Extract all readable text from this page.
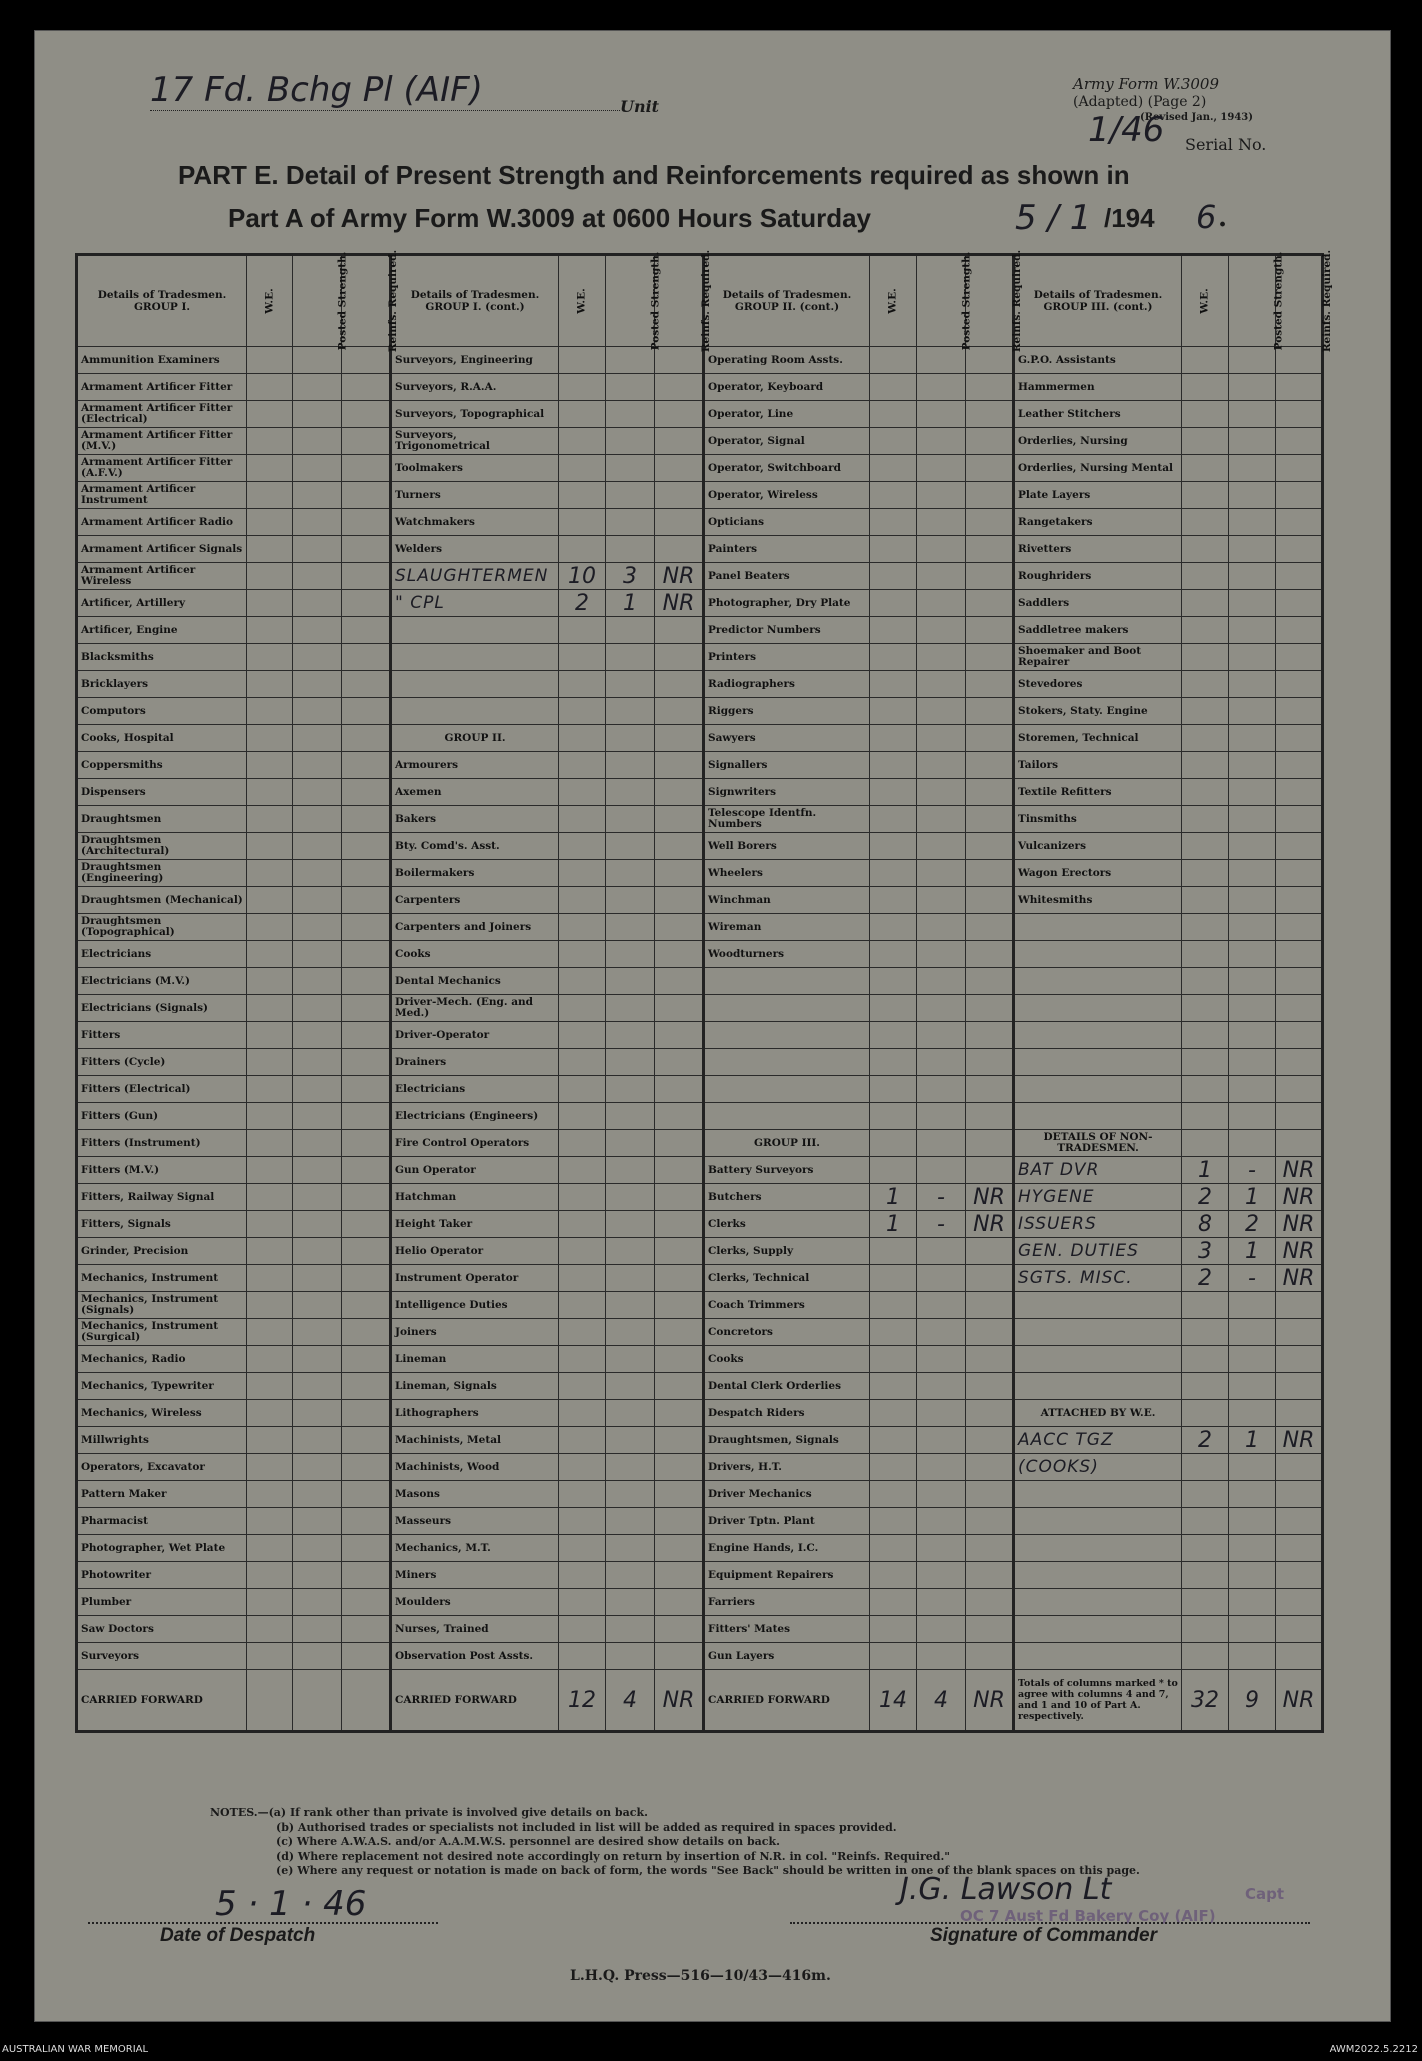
17 Fd. Bchg Pl (AIF)	Unit
Army Form W.3009
(Adapted) (Page 2)
(Revised Jan., 1943)
1/46 Serial No.
PART E. Detail of Present Strength and Reinforcements required as shown in
Part A of Army Form W.3009 at 0600 Hours Saturday	5 / 1 /194 6 .
Details of Tradesmen. GROUP I.	W.E.	Posted Strength.	Reinfs. Required.	Details of Tradesmen. GROUP I. (cont.)	W.E.	Posted Strength.	Reinfs. Required.	Details of Tradesmen. GROUP II. (cont.)	W.E.	Posted Strength.	Reinfs. Required.	Details of Tradesmen. GROUP III. (cont.)	W.E.	Posted Strength.	Reinfs. Required.
Ammunition Examiners				Surveyors, Engineering				Operating Room Assts.				G.P.O. Assistants			
Armament Artificer Fitter				Surveyors, R.A.A.				Operator, Keyboard				Hammermen			
Armament Artificer Fitter (Electrical)				Surveyors, Topographical				Operator, Line				Leather Stitchers			
Armament Artificer Fitter (M.V.)				Surveyors, Trigonometrical				Operator, Signal				Orderlies, Nursing			
Armament Artificer Fitter (A.F.V.)				Toolmakers				Operator, Switchboard				Orderlies, Nursing Mental			
Armament Artificer Instrument				Turners				Operator, Wireless				Plate Layers			
Armament Artificer Radio				Watchmakers				Opticians				Rangetakers			
Armament Artificer Signals				Welders				Painters				Rivetters			
Armament Artificer Wireless				SLAUGHTERMEN	10	3	NR	Panel Beaters				Roughriders			
Artificer, Artillery				" CPL	2	1	NR	Photographer, Dry Plate				Saddlers			
Artificer, Engine								Predictor Numbers				Saddletree makers			
Blacksmiths								Printers				Shoemaker and Boot Repairer			
Bricklayers								Radiographers				Stevedores			
Computors								Riggers				Stokers, Staty. Engine			
Cooks, Hospital				GROUP II.				Sawyers				Storemen, Technical			
Coppersmiths				Armourers				Signallers				Tailors			
Dispensers				Axemen				Signwriters				Textile Refitters			
Draughtsmen				Bakers				Telescope Identfn. Numbers				Tinsmiths			
Draughtsmen (Architectural)				Bty. Comd's. Asst.				Well Borers				Vulcanizers			
Draughtsmen (Engineering)				Boilermakers				Wheelers				Wagon Erectors			
Draughtsmen (Mechanical)				Carpenters				Winchman				Whitesmiths			
Draughtsmen (Topographical)				Carpenters and Joiners				Wireman							
Electricians				Cooks				Woodturners							
Electricians (M.V.)				Dental Mechanics											
Electricians (Signals)				Driver-Mech. (Eng. and Med.)											
Fitters				Driver-Operator											
Fitters (Cycle)				Drainers											
Fitters (Electrical)				Electricians											
Fitters (Gun)				Electricians (Engineers)											
Fitters (Instrument)				Fire Control Operators				GROUP III.				DETAILS OF NON-TRADESMEN.			
Fitters (M.V.)				Gun Operator				Battery Surveyors				BAT DVR	1	-	NR
Fitters, Railway Signal				Hatchman				Butchers	1	-	NR	HYGENE	2	1	NR
Fitters, Signals				Height Taker				Clerks	1	-	NR	ISSUERS	8	2	NR
Grinder, Precision				Helio Operator				Clerks, Supply				GEN. DUTIES	3	1	NR
Mechanics, Instrument				Instrument Operator				Clerks, Technical				SGTS. MISC.	2	-	NR
Mechanics, Instrument (Signals)				Intelligence Duties				Coach Trimmers							
Mechanics, Instrument (Surgical)				Joiners				Concretors							
Mechanics, Radio				Lineman				Cooks							
Mechanics, Typewriter				Lineman, Signals				Dental Clerk Orderlies							
Mechanics, Wireless				Lithographers				Despatch Riders				ATTACHED BY W.E.			
Millwrights				Machinists, Metal				Draughtsmen, Signals				AACC TGZ	2	1	NR
Operators, Excavator				Machinists, Wood				Drivers, H.T.				(COOKS)			
Pattern Maker				Masons				Driver Mechanics							
Pharmacist				Masseurs				Driver Tptn. Plant							
Photographer, Wet Plate				Mechanics, M.T.				Engine Hands, I.C.							
Photowriter				Miners				Equipment Repairers							
Plumber				Moulders				Farriers							
Saw Doctors				Nurses, Trained				Fitters' Mates							
Surveyors				Observation Post Assts.				Gun Layers							
CARRIED FORWARD				CARRIED FORWARD	12	4	NR	CARRIED FORWARD	14	4	NR	Totals of columns marked * to agree with columns 4 and 7, and 1 and 10 of Part A. respectively.	32	9	NR
NOTES.—(a) If rank other than private is involved give details on back.
(b) Authorised trades or specialists not included in list will be added as required in spaces provided.
(c) Where A.W.A.S. and/or A.A.M.W.S. personnel are desired show details on back.
(d) Where replacement not desired note accordingly on return by insertion of N.R. in col. "Reinfs. Required."
(e) Where any request or notation is made on back of form, the words "See Back" should be written in one of the blank spaces on this page.
5 · 1 · 46
Date of Despatch
J.G. Lawson Lt	Capt
OC 7 Aust Fd Bakery Coy (AIF)
Signature of Commander
L.H.Q. Press—516—10/43—416m.
AUSTRALIAN WAR MEMORIAL	AWM2022.5.2212
